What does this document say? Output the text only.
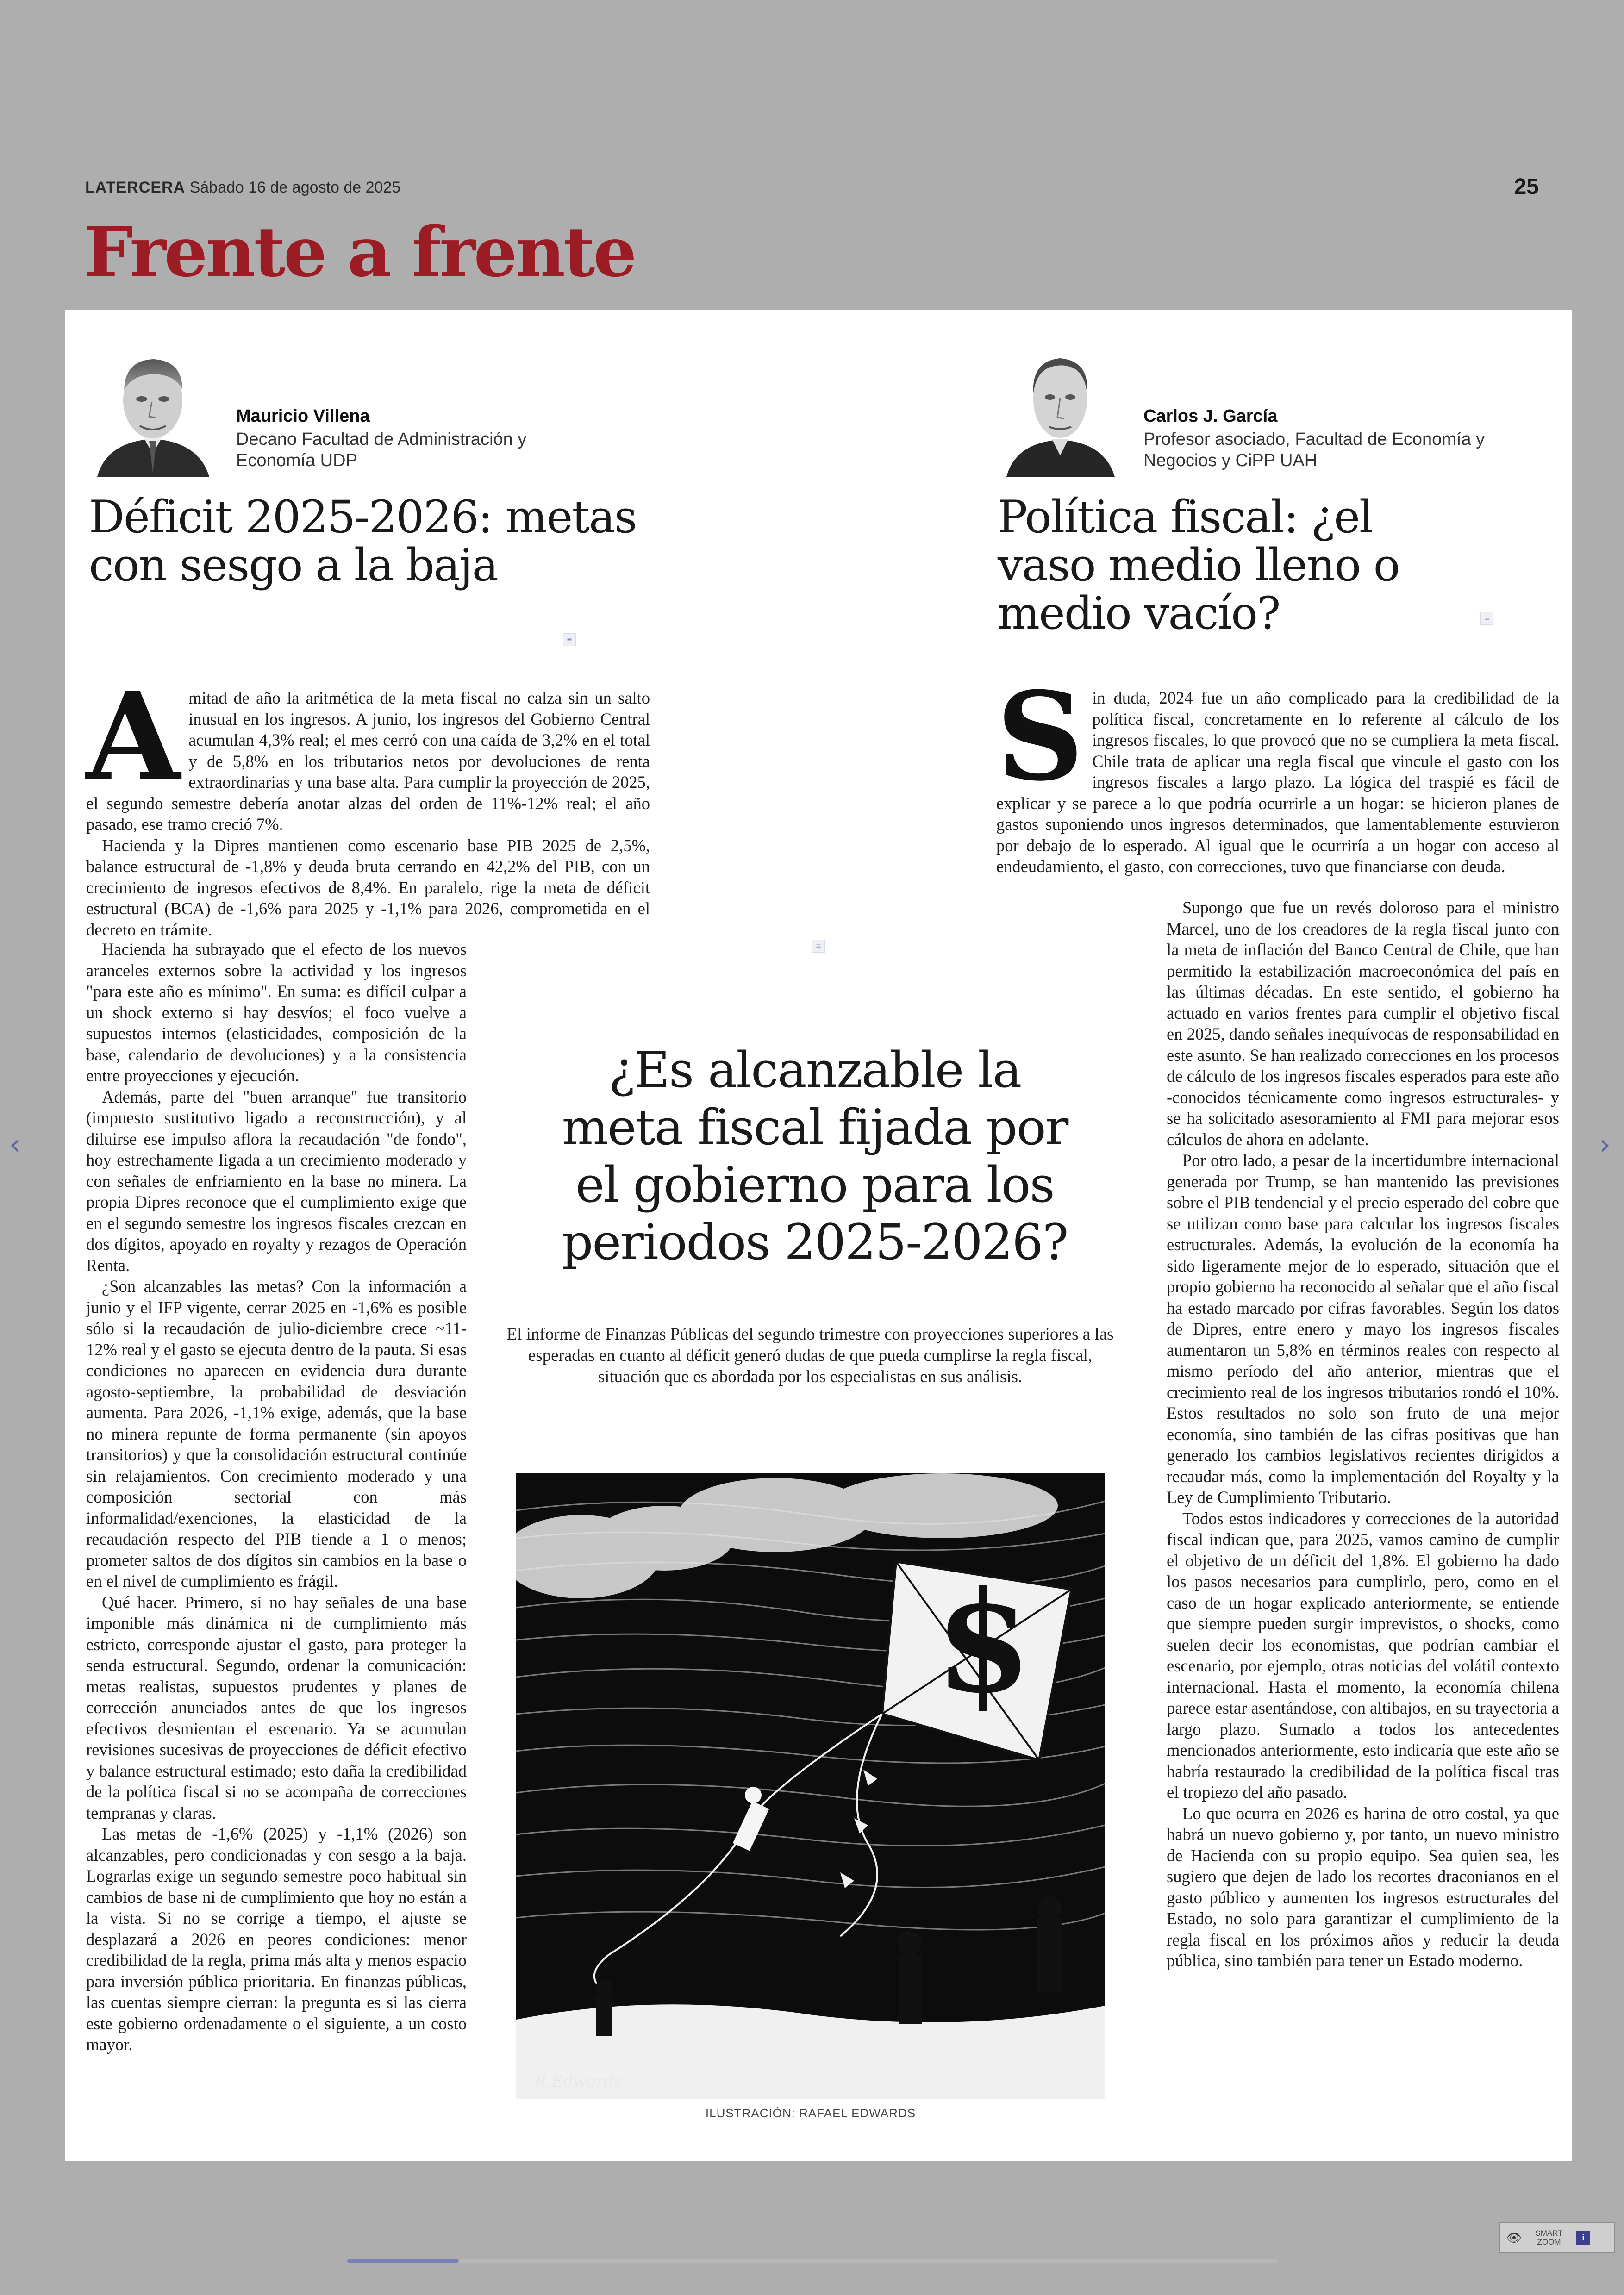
LATERCERA Sábado 16 de agosto de 2025	25
Frente a frente
Mauricio Villena
Decano Facultad de Administración y Economía UDP
Carlos J. García
Profesor asociado, Facultad de Economía y Negocios y CiPP UAH
Déficit 2025-2026: metas con sesgo a la baja
Política fiscal: ¿el vaso medio lleno o medio vacío?
≡
≡
≡
A mitad de año la aritmética de la meta fiscal no calza sin un salto inusual en los ingresos. A junio, los ingresos del Gobierno Central acumulan 4,3% real; el mes cerró con una caída de 3,2% en el total y de 5,8% en los tributarios netos por devoluciones de renta extraordinarias y una base alta. Para cumplir la proyección de 2025, el segundo semestre debería anotar alzas del orden de 11%-12% real; el año pasado, ese tramo creció 7%.

Hacienda y la Dipres mantienen como escenario base PIB 2025 de 2,5%, balance estructural de -1,8% y deuda bruta cerrando en 42,2% del PIB, con un crecimiento de ingresos efectivos de 8,4%. En paralelo, rige la meta de déficit estructural (BCA) de -1,6% para 2025 y -1,1% para 2026, comprometida en el decreto en trámite.

Hacienda ha subrayado que el efecto de los nuevos aranceles externos sobre la actividad y los ingresos "para este año es mínimo". En suma: es difícil culpar a un shock externo si hay desvíos; el foco vuelve a supuestos internos (elasticidades, composición de la base, calendario de devoluciones) y a la consistencia entre proyecciones y ejecución.

Además, parte del "buen arranque" fue transitorio (impuesto sustitutivo ligado a reconstrucción), y al diluirse ese impulso aflora la recaudación "de fondo", hoy estrechamente ligada a un crecimiento moderado y con señales de enfriamiento en la base no minera. La propia Dipres reconoce que el cumplimiento exige que en el segundo semestre los ingresos fiscales crezcan en dos dígitos, apoyado en royalty y rezagos de Operación Renta.

¿Son alcanzables las metas? Con la información a junio y el IFP vigente, cerrar 2025 en -1,6% es posible sólo si la recaudación de julio-diciembre crece ~11-12% real y el gasto se ejecuta dentro de la pauta. Si esas condiciones no aparecen en evidencia dura durante agosto-septiembre, la probabilidad de desviación aumenta. Para 2026, -1,1% exige, además, que la base no minera repunte de forma permanente (sin apoyos transitorios) y que la consolidación estructural continúe sin relajamientos. Con crecimiento moderado y una composición sectorial con más informalidad/exenciones, la elasticidad de la recaudación respecto del PIB tiende a 1 o menos; prometer saltos de dos dígitos sin cambios en la base o en el nivel de cumplimiento es frágil.

Qué hacer. Primero, si no hay señales de una base imponible más dinámica ni de cumplimiento más estricto, corresponde ajustar el gasto, para proteger la senda estructural. Segundo, ordenar la comunicación: metas realistas, supuestos prudentes y planes de corrección anunciados antes de que los ingresos efectivos desmientan el escenario. Ya se acumulan revisiones sucesivas de proyecciones de déficit efectivo y balance estructural estimado; esto daña la credibilidad de la política fiscal si no se acompaña de correcciones tempranas y claras.

Las metas de -1,6% (2025) y -1,1% (2026) son alcanzables, pero condicionadas y con sesgo a la baja. Lograrlas exige un segundo semestre poco habitual sin cambios de base ni de cumplimiento que hoy no están a la vista. Si no se corrige a tiempo, el ajuste se desplazará a 2026 en peores condiciones: menor credibilidad de la regla, prima más alta y menos espacio para inversión pública prioritaria. En finanzas públicas, las cuentas siempre cierran: la pregunta es si las cierra este gobierno ordenadamente o el siguiente, a un costo mayor.

S in duda, 2024 fue un año complicado para la credibilidad de la política fiscal, concretamente en lo referente al cálculo de los ingresos fiscales, lo que provocó que no se cumpliera la meta fiscal. Chile trata de aplicar una regla fiscal que vincule el gasto con los ingresos fiscales a largo plazo. La lógica del traspié es fácil de explicar y se parece a lo que podría ocurrirle a un hogar: se hicieron planes de gastos suponiendo unos ingresos determinados, que lamentablemente estuvieron por debajo de lo esperado. Al igual que le ocurriría a un hogar con acceso al endeudamiento, el gasto, con correcciones, tuvo que financiarse con deuda.

Supongo que fue un revés doloroso para el ministro Marcel, uno de los creadores de la regla fiscal junto con la meta de inflación del Banco Central de Chile, que han permitido la estabilización macroeconómica del país en las últimas décadas. En este sentido, el gobierno ha actuado en varios frentes para cumplir el objetivo fiscal en 2025, dando señales inequívocas de responsabilidad en este asunto. Se han realizado correcciones en los procesos de cálculo de los ingresos fiscales esperados para este año -conocidos técnicamente como ingresos estructurales- y se ha solicitado asesoramiento al FMI para mejorar esos cálculos de ahora en adelante.

Por otro lado, a pesar de la incertidumbre internacional generada por Trump, se han mantenido las previsiones sobre el PIB tendencial y el precio esperado del cobre que se utilizan como base para calcular los ingresos fiscales estructurales. Además, la evolución de la economía ha sido ligeramente mejor de lo esperado, situación que el propio gobierno ha reconocido al señalar que el año fiscal ha estado marcado por cifras favorables. Según los datos de Dipres, entre enero y mayo los ingresos fiscales aumentaron un 5,8% en términos reales con respecto al mismo período del año anterior, mientras que el crecimiento real de los ingresos tributarios rondó el 10%. Estos resultados no solo son fruto de una mejor economía, sino también de las cifras positivas que han generado los cambios legislativos recientes dirigidos a recaudar más, como la implementación del Royalty y la Ley de Cumplimiento Tributario.

Todos estos indicadores y correcciones de la autoridad fiscal indican que, para 2025, vamos camino de cumplir el objetivo de un déficit del 1,8%. El gobierno ha dado los pasos necesarios para cumplirlo, pero, como en el caso de un hogar explicado anteriormente, se entiende que siempre pueden surgir imprevistos, o shocks, como suelen decir los economistas, que podrían cambiar el escenario, por ejemplo, otras noticias del volátil contexto internacional. Hasta el momento, la economía chilena parece estar asentándose, con altibajos, en su trayectoria a largo plazo. Sumado a todos los antecedentes mencionados anteriormente, esto indicaría que este año se habría restaurado la credibilidad de la política fiscal tras el tropiezo del año pasado.

Lo que ocurra en 2026 es harina de otro costal, ya que habrá un nuevo gobierno y, por tanto, un nuevo ministro de Hacienda con su propio equipo. Sea quien sea, les sugiero que dejen de lado los recortes draconianos en el gasto público y aumenten los ingresos estructurales del Estado, no solo para garantizar el cumplimiento de la regla fiscal en los próximos años y reducir la deuda pública, sino también para tener un Estado moderno.

¿Es alcanzable la meta fiscal fijada por el gobierno para los periodos 2025-2026?
El informe de Finanzas Públicas del segundo trimestre con proyecciones superiores a las esperadas en cuanto al déficit generó dudas de que pueda cumplirse la regla fiscal, situación que es abordada por los especialistas en sus análisis.
$
R.Edwards
ILUSTRACIÓN: RAFAEL EDWARDS
‹	›
👁	SMART ZOOM	i
